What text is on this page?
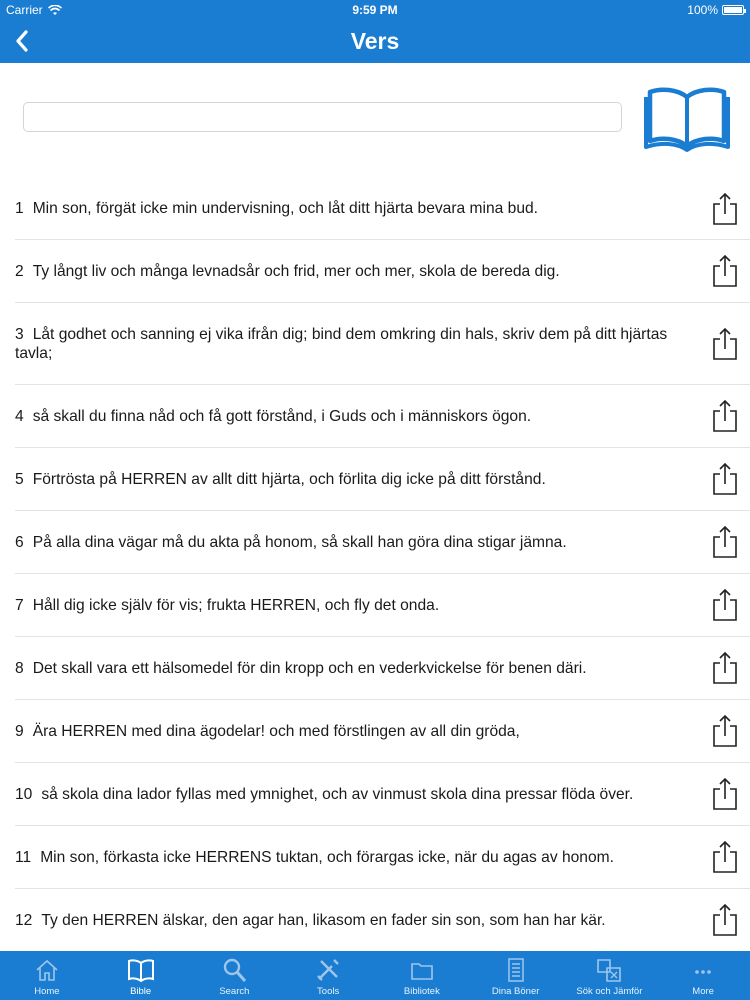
Carrier	9:59 PM	100%
Vers
1 Min son, förgät icke min undervisning, och låt ditt hjärta bevara mina bud.
2 Ty långt liv och många levnadsår och frid, mer och mer, skola de bereda dig.
3 Låt godhet och sanning ej vika ifrån dig; bind dem omkring din hals, skriv dem på ditt hjärtas tavla;
4 så skall du finna nåd och få gott förstånd, i Guds och i människors ögon.
5 Förtrösta på HERREN av allt ditt hjärta, och förlita dig icke på ditt förstånd.
6 På alla dina vägar må du akta på honom, så skall han göra dina stigar jämna.
7 Håll dig icke själv för vis; frukta HERREN, och fly det onda.
8 Det skall vara ett hälsomedel för din kropp och en vederkvickelse för benen däri.
9 Ära HERREN med dina ägodelar! och med förstlingen av all din gröda,
10 så skola dina lador fyllas med ymnighet, och av vinmust skola dina pressar flöda över.
11 Min son, förkasta icke HERRENS tuktan, och förargas icke, när du agas av honom.
12 Ty den HERREN älskar, den agar han, likasom en fader sin son, som han har kär.
Home	Bible	Search	Tools	Bibliotek	Dina Böner	Sök och Jämför	More
